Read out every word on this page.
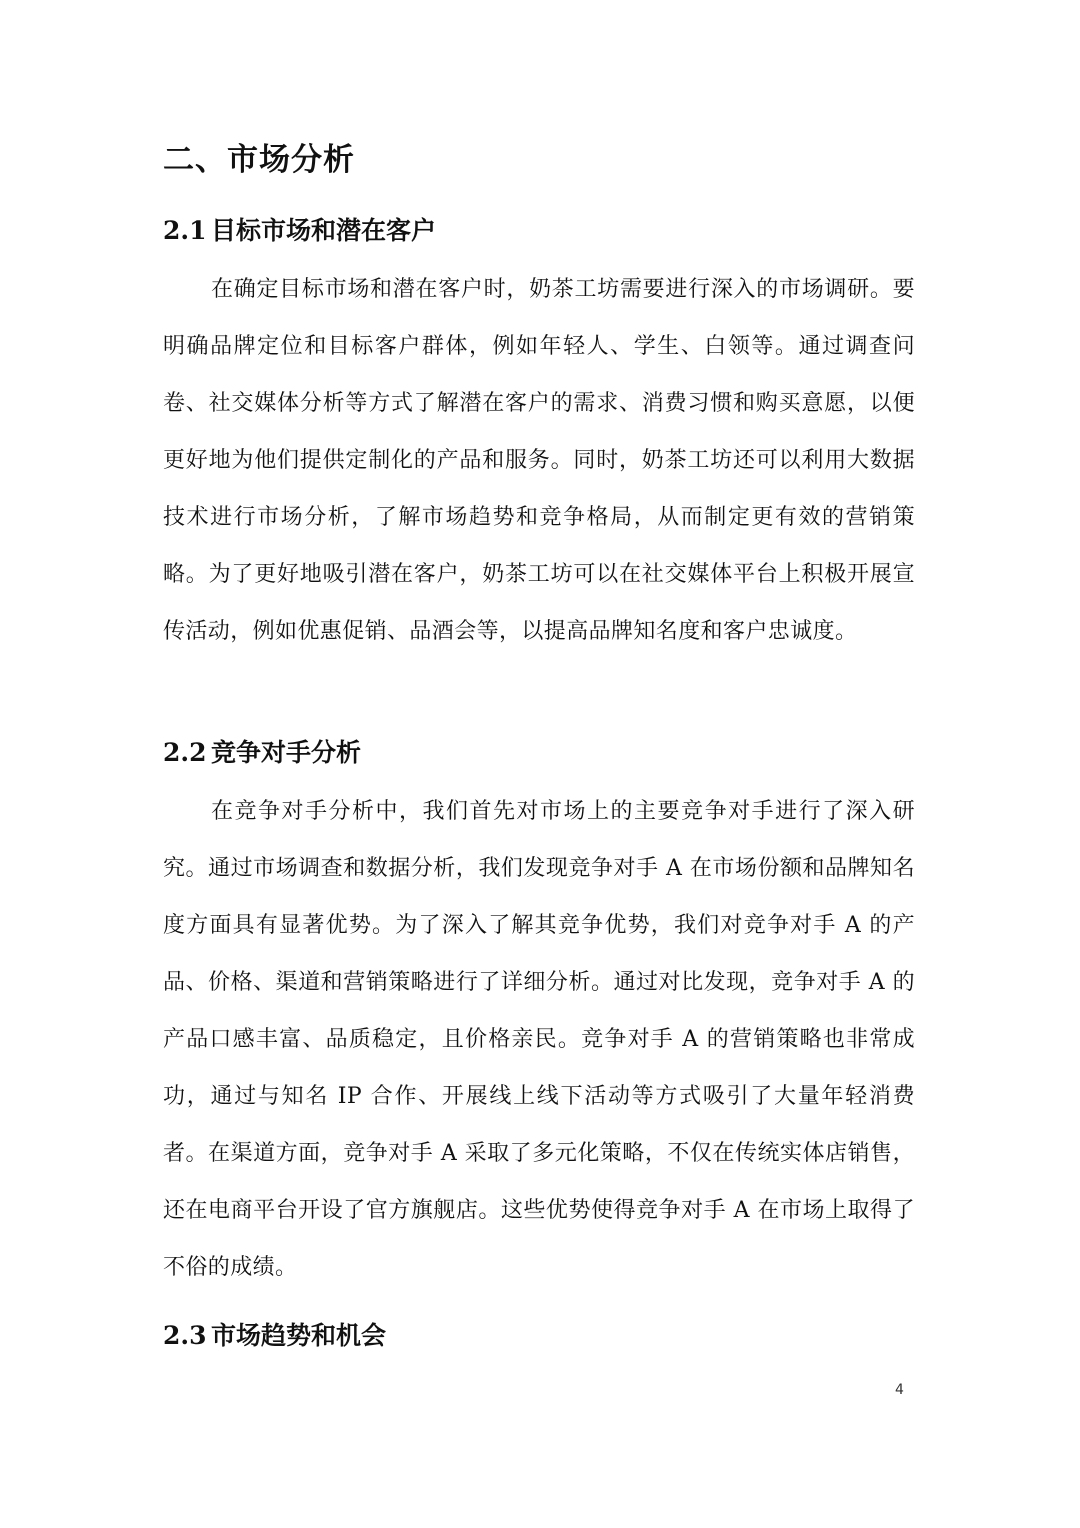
二、市场分析
2.1 目标市场和潜在客户

在确定目标市场和潜在客户时，奶茶工坊需要进行深入的市场调研。要明确品牌定位和目标客户群体，例如年轻人、学生、白领等。通过调查问卷、社交媒体分析等方式了解潜在客户的需求、消费习惯和购买意愿，以便更好地为他们提供定制化的产品和服务。同时，奶茶工坊还可以利用大数据技术进行市场分析，了解市场趋势和竞争格局，从而制定更有效的营销策略。为了更好地吸引潜在客户，奶茶工坊可以在社交媒体平台上积极开展宣传活动，例如优惠促销、品酒会等，以提高品牌知名度和客户忠诚度。

2.2 竞争对手分析

在竞争对手分析中，我们首先对市场上的主要竞争对手进行了深入研究。通过市场调查和数据分析，我们发现竞争对手 A 在市场份额和品牌知名度方面具有显著优势。为了深入了解其竞争优势，我们对竞争对手 A 的产品、价格、渠道和营销策略进行了详细分析。通过对比发现，竞争对手 A 的产品口感丰富、品质稳定，且价格亲民。竞争对手 A 的营销策略也非常成功，通过与知名 IP 合作、开展线上线下活动等方式吸引了大量年轻消费者。在渠道方面，竞争对手 A 采取了多元化策略，不仅在传统实体店销售，还在电商平台开设了官方旗舰店。这些优势使得竞争对手 A 在市场上取得了不俗的成绩。

2.3 市场趋势和机会
4
